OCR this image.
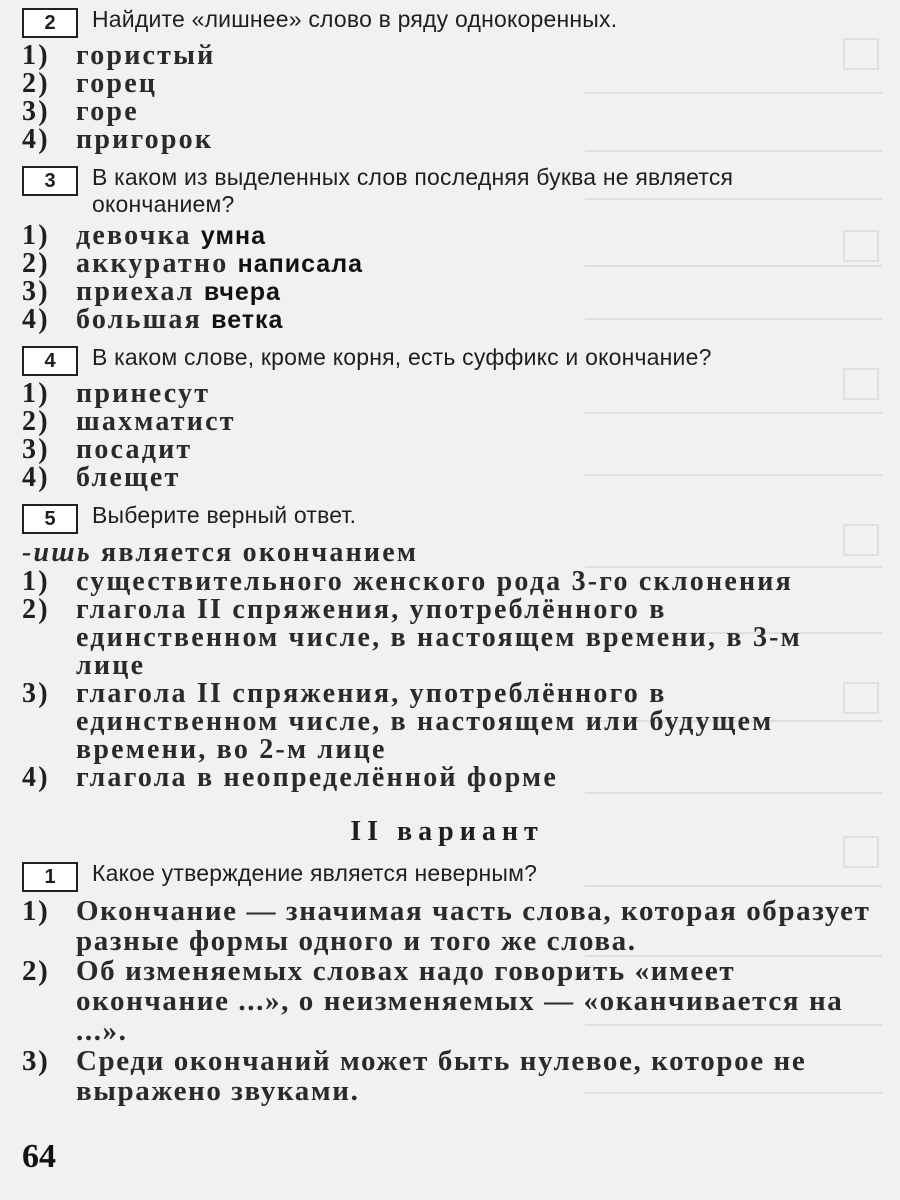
2	Найдите «лишнее» слово в ряду однокоренных.
1) гористый
2) горец
3) горе
4) пригорок
3	В каком из выделенных слов последняя буква не является окончанием?
1) девочка умна
2) аккуратно написала
3) приехал вчера
4) большая ветка
4	В каком слове, кроме корня, есть суффикс и окончание?
1) принесут
2) шахматист
3) посадит
4) блещет
5	Выберите верный ответ.
-ишь является окончанием
1) существительного женского рода 3-го склонения
2) глагола II спряжения, употреблённого в единственном числе, в настоящем времени, в 3-м лице
3) глагола II спряжения, употреблённого в единственном числе, в настоящем или будущем времени, во 2-м лице
4) глагола в неопределённой форме
II вариант
1	Какое утверждение является неверным?
1) Окончание — значимая часть слова, которая образует разные формы одного и того же слова.
2) Об изменяемых словах надо говорить «имеет окончание ...», о неизменяемых — «оканчивается на ...».
3) Среди окончаний может быть нулевое, которое не выражено звуками.
64
